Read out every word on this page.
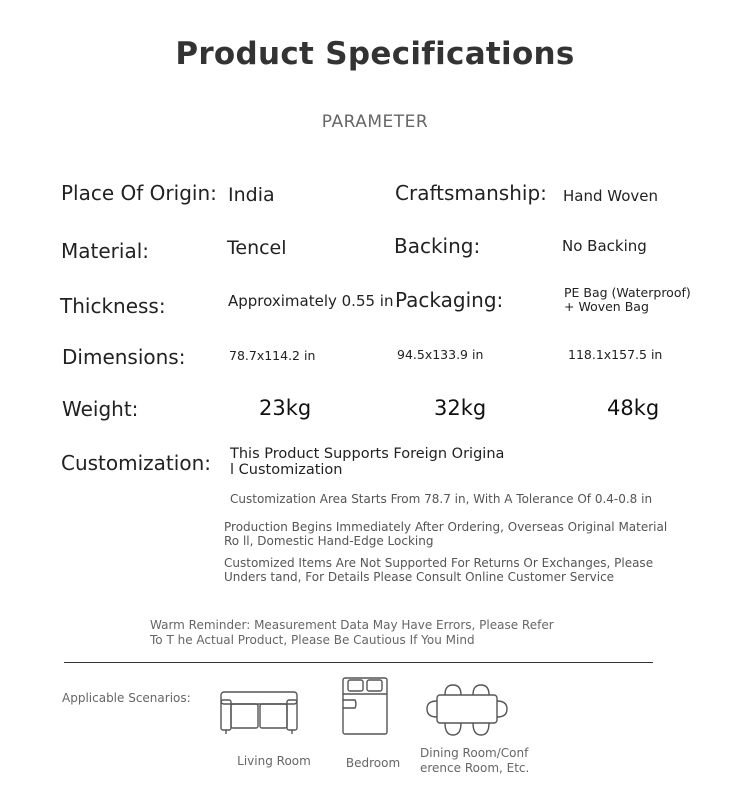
Product Specifications
PARAMETER
Place Of Origin: India	Craftsmanship: Hand Woven
Material:	Tencel	Backing:	No Backing
Thickness:	Approximately 0.55 in Packaging:	PE Bag (Waterproof) + Woven Bag
Dimensions:	78.7x114.2 in	94.5x133.9 in	118.1x157.5 in
Weight:	23kg	32kg	48kg
Customization: This Product Supports Foreign Origina l Customization
Customization Area Starts From 78.7 in, With A Tolerance Of 0.4-0.8 in
Production Begins Immediately After Ordering, Overseas Original Material Ro ll, Domestic Hand-Edge Locking
Customized Items Are Not Supported For Returns Or Exchanges, Please Unders tand, For Details Please Consult Online Customer Service
Warm Reminder: Measurement Data May Have Errors, Please Refer To T he Actual Product, Please Be Cautious If You Mind
Applicable Scenarios:
Living Room	Bedroom
Dining Room/Conf erence Room, Etc.
